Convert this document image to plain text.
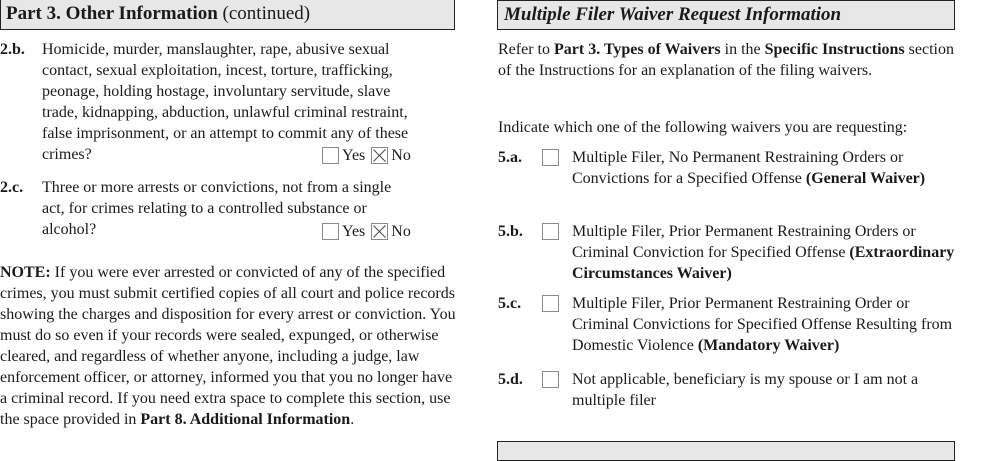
Part 3. Other Information (continued)	Multiple Filer Waiver Request Information
2.b. Homicide, murder, manslaughter, rape, abusive sexual
contact, sexual exploitation, incest, torture, trafficking,
peonage, holding hostage, involuntary servitude, slave
trade, kidnapping, abduction, unlawful criminal restraint,
false imprisonment, or an attempt to commit any of these
crimes?	Yes No
2.c. Three or more arrests or convictions, not from a single
act, for crimes relating to a controlled substance or
alcohol?	Yes No
NOTE: If you were ever arrested or convicted of any of the specified crimes, you must submit certified copies of all court and police records showing the charges and disposition for every arrest or conviction. You must do so even if your records were sealed, expunged, or otherwise cleared, and regardless of whether anyone, including a judge, law enforcement officer, or attorney, informed you that you no longer have a criminal record. If you need extra space to complete this section, use the space provided in Part 8. Additional Information.
Refer to Part 3. Types of Waivers in the Specific Instructions section of the Instructions for an explanation of the filing waivers.
Indicate which one of the following waivers you are requesting:
5.a.	Multiple Filer, No Permanent Restraining Orders or Convictions for a Specified Offense (General Waiver)
5.b.	Multiple Filer, Prior Permanent Restraining Orders or Criminal Conviction for Specified Offense (Extraordinary Circumstances Waiver)
5.c.	Multiple Filer, Prior Permanent Restraining Order or Criminal Convictions for Specified Offense Resulting from Domestic Violence (Mandatory Waiver)
5.d.	Not applicable, beneficiary is my spouse or I am not a multiple filer
